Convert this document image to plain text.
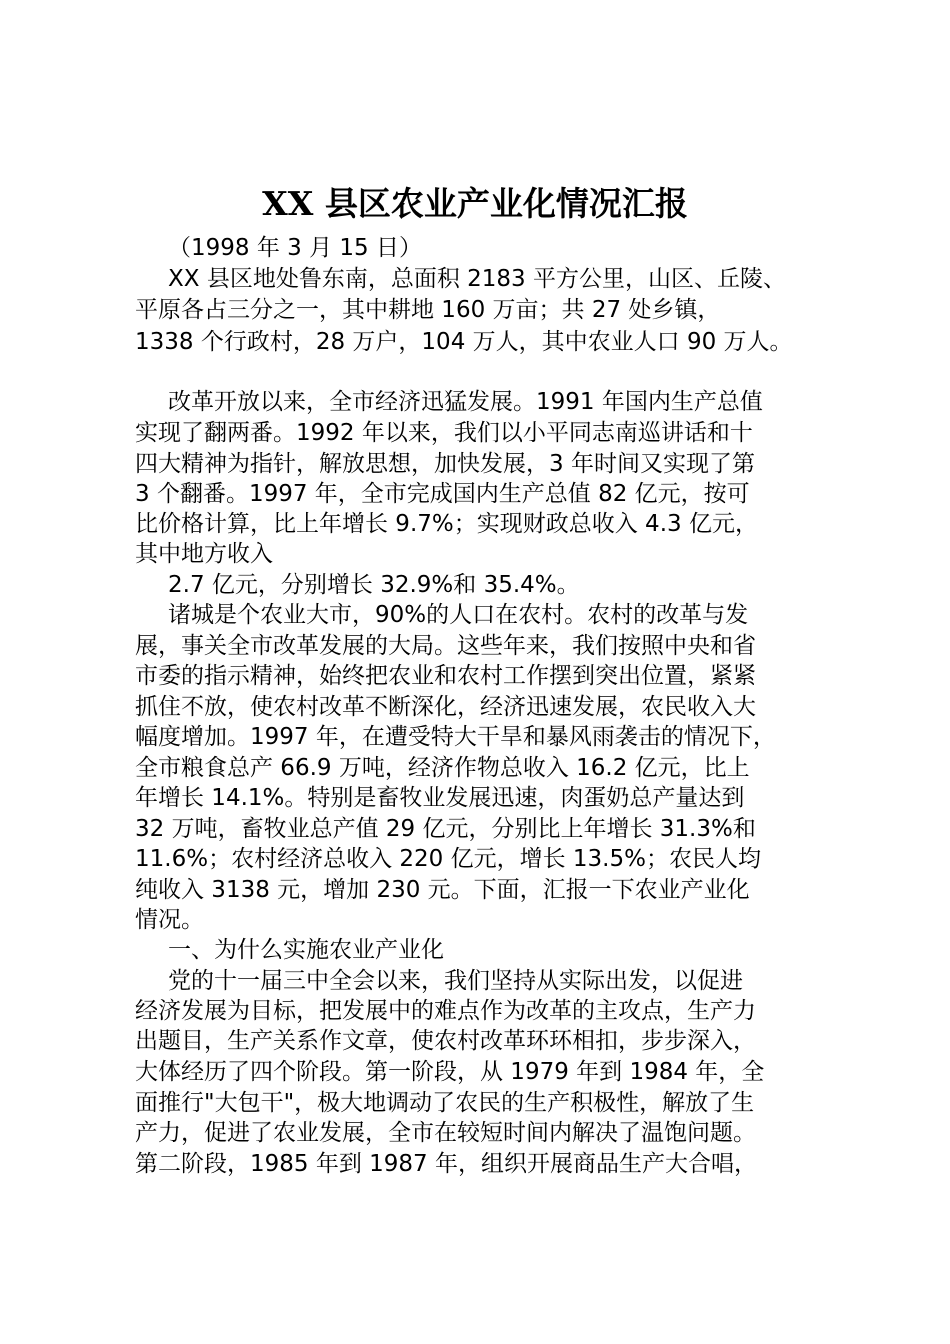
XX 县区农业产业化情况汇报
（1998 年 3 月 15 日）
XX 县区地处鲁东南，总面积 2183 平方公里，山区、丘陵、
平原各占三分之一，其中耕地 160 万亩；共 27 处乡镇，
1338 个行政村，28 万户，104 万人，其中农业人口 90 万人。
改革开放以来，全市经济迅猛发展。1991 年国内生产总值
实现了翻两番。1992 年以来，我们以小平同志南巡讲话和十
四大精神为指针，解放思想，加快发展，3 年时间又实现了第
3 个翻番。1997 年，全市完成国内生产总值 82 亿元，按可
比价格计算，比上年增长 9.7%；实现财政总收入 4.3 亿元，
其中地方收入
2.7 亿元，分别增长 32.9%和 35.4%。
诸城是个农业大市，90%的人口在农村。农村的改革与发
展，事关全市改革发展的大局。这些年来，我们按照中央和省
市委的指示精神，始终把农业和农村工作摆到突出位置，紧紧
抓住不放，使农村改革不断深化，经济迅速发展，农民收入大
幅度增加。1997 年，在遭受特大干旱和暴风雨袭击的情况下，
全市粮食总产 66.9 万吨，经济作物总收入 16.2 亿元，比上
年增长 14.1%。特别是畜牧业发展迅速，肉蛋奶总产量达到
32 万吨，畜牧业总产值 29 亿元，分别比上年增长 31.3%和
11.6%；农村经济总收入 220 亿元，增长 13.5%；农民人均
纯收入 3138 元，增加 230 元。下面，汇报一下农业产业化
情况。
一、为什么实施农业产业化
党的十一届三中全会以来，我们坚持从实际出发，以促进
经济发展为目标，把发展中的难点作为改革的主攻点，生产力
出题目，生产关系作文章，使农村改革环环相扣，步步深入，
大体经历了四个阶段。第一阶段，从 1979 年到 1984 年，全
面推行"大包干"，极大地调动了农民的生产积极性，解放了生
产力，促进了农业发展，全市在较短时间内解决了温饱问题。
第二阶段，1985 年到 1987 年，组织开展商品生产大合唱，
